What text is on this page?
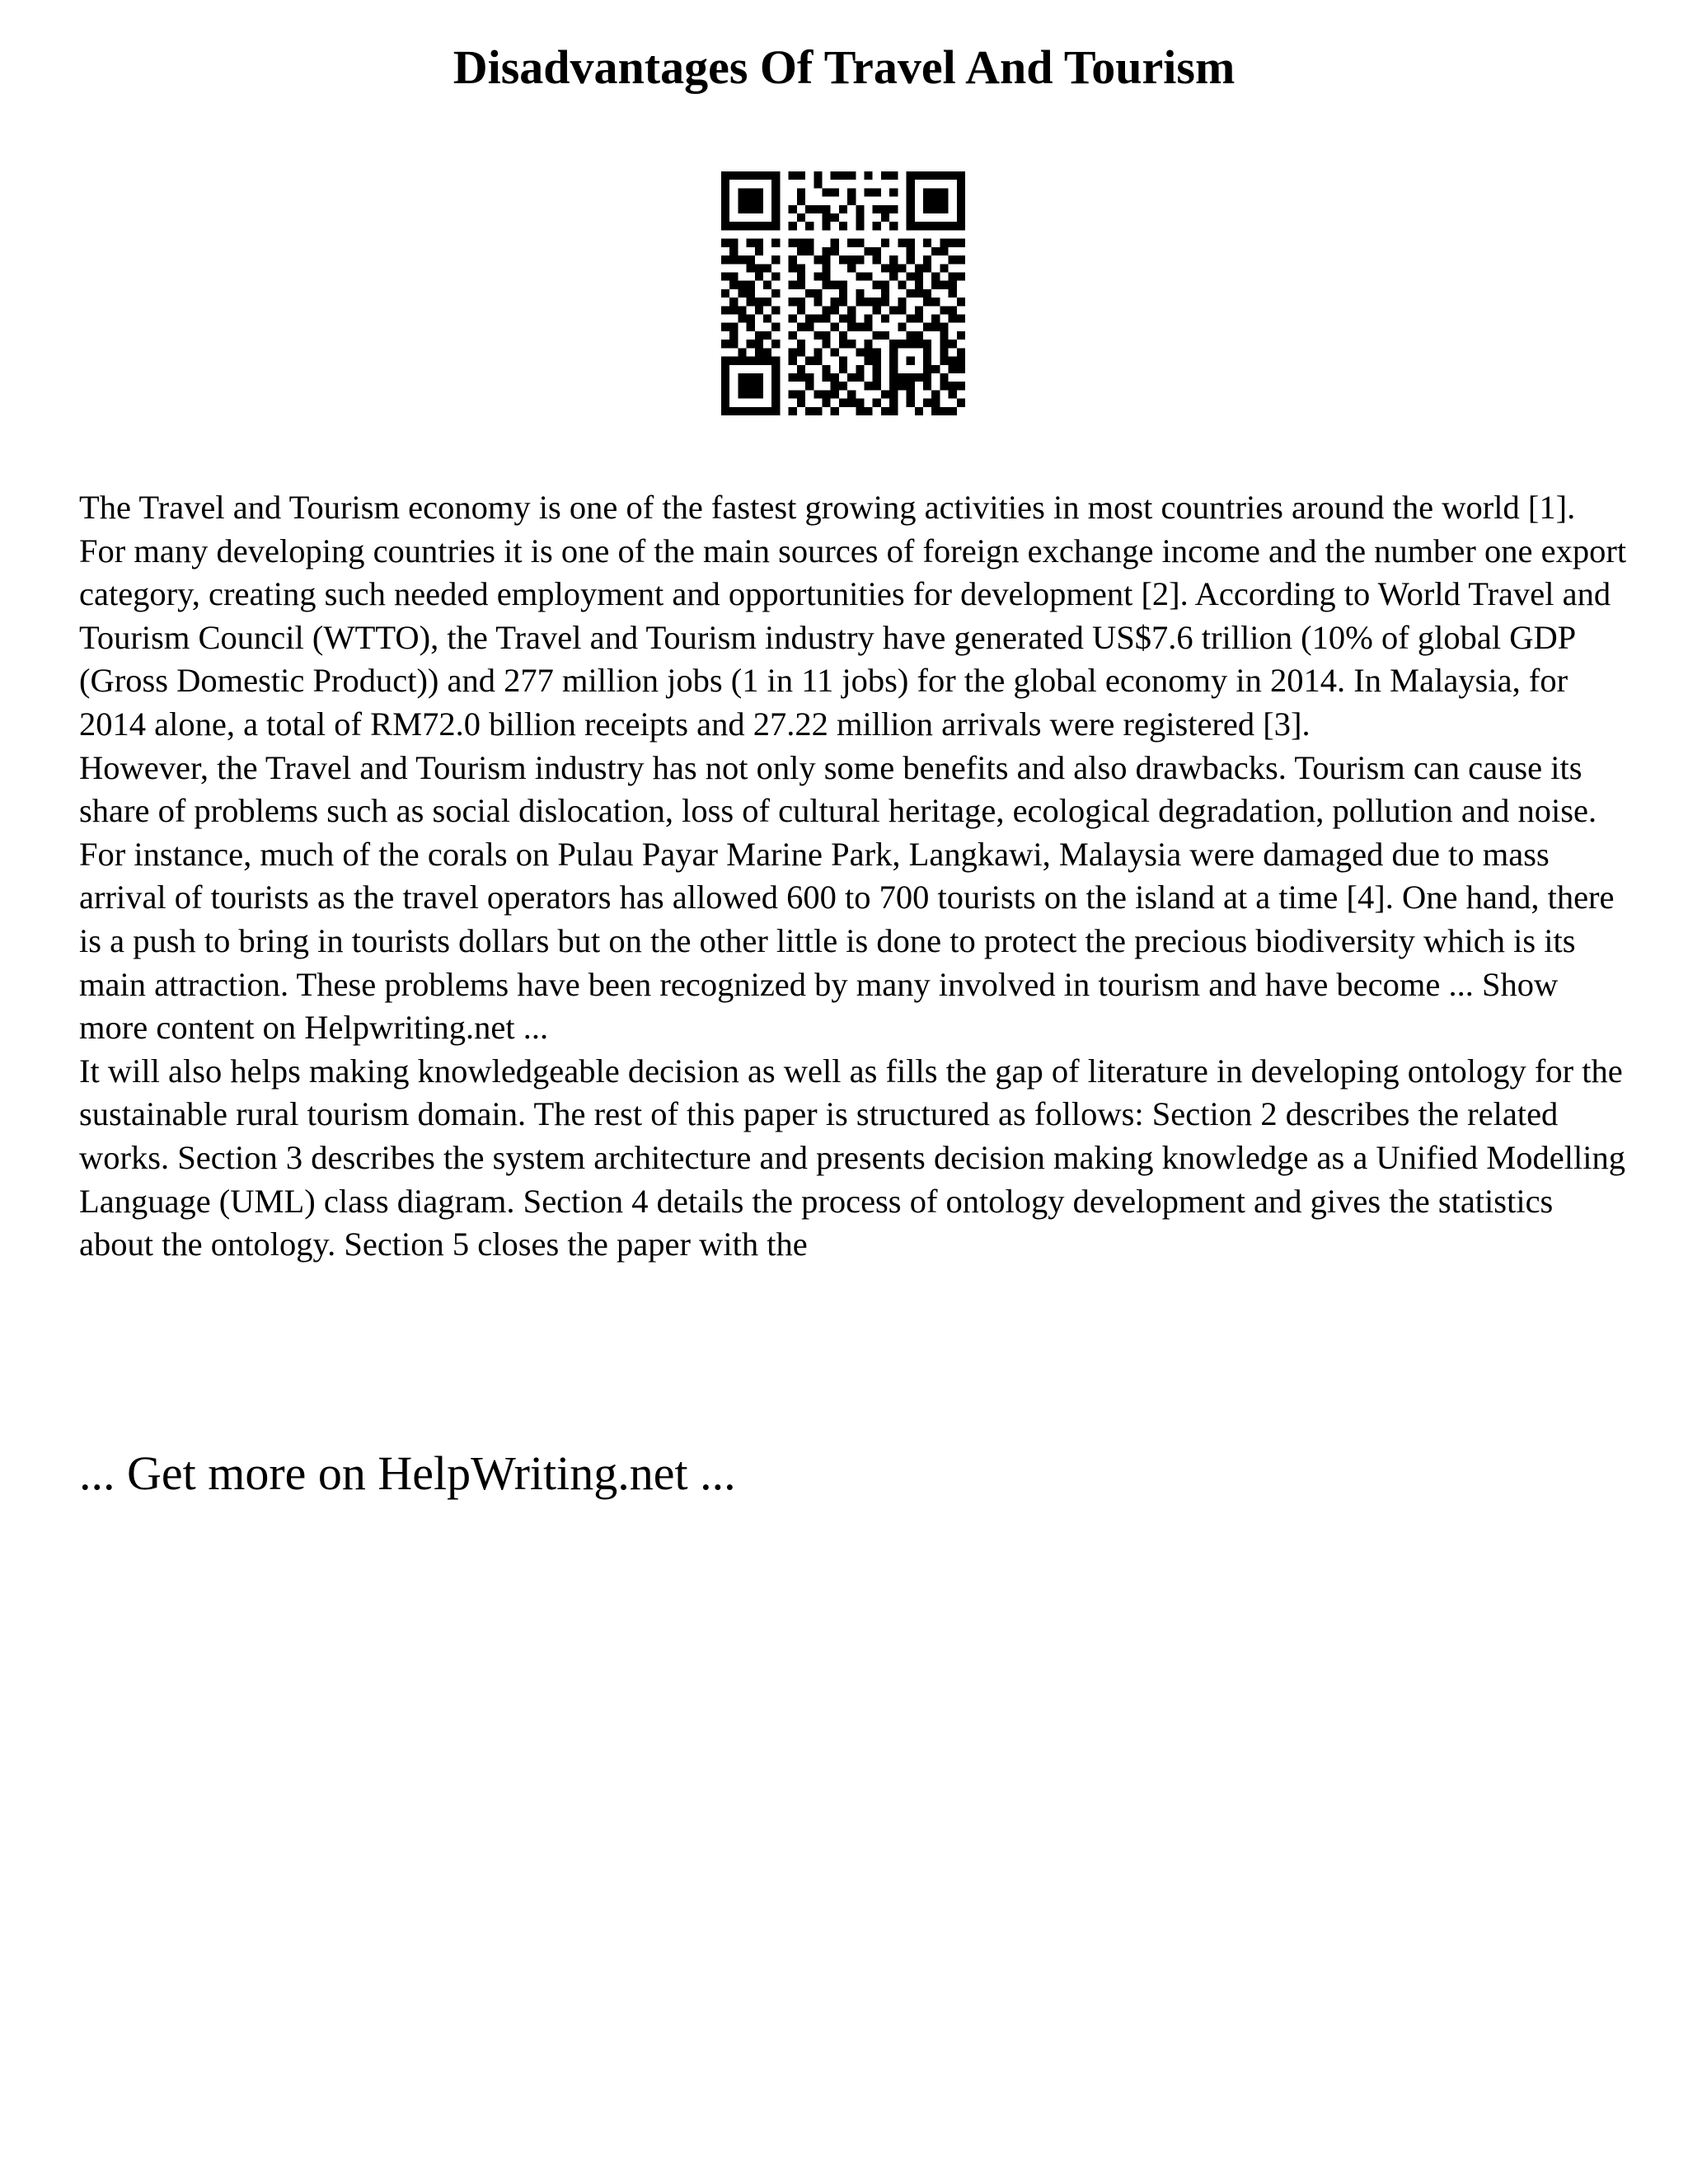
Disadvantages Of Travel And Tourism

The Travel and Tourism economy is one of the fastest growing activities in most countries around the world [1]. For many developing countries it is one of the main sources of foreign exchange income and the number one export category, creating such needed employment and opportunities for development [2]. According to World Travel and Tourism Council (WTTO), the Travel and Tourism industry have generated US$7.6 trillion (10% of global GDP (Gross Domestic Product)) and 277 million jobs (1 in 11 jobs) for the global economy in 2014. In Malaysia, for 2014 alone, a total of RM72.0 billion receipts and 27.22 million arrivals were registered [3].

However, the Travel and Tourism industry has not only some benefits and also drawbacks. Tourism can cause its share of problems such as social dislocation, loss of cultural heritage, ecological degradation, pollution and noise. For instance, much of the corals on Pulau Payar Marine Park, Langkawi, Malaysia were damaged due to mass arrival of tourists as the travel operators has allowed 600 to 700 tourists on the island at a time [4]. One hand, there is a push to bring in tourists dollars but on the other little is done to protect the precious biodiversity which is its main attraction. These problems have been recognized by many involved in tourism and have become ... Show more content on Helpwriting.net ...

It will also helps making knowledgeable decision as well as fills the gap of literature in developing ontology for the sustainable rural tourism domain. The rest of this paper is structured as follows: Section 2 describes the related works. Section 3 describes the system architecture and presents decision making knowledge as a Unified Modelling Language (UML) class diagram. Section 4 details the process of ontology development and gives the statistics about the ontology. Section 5 closes the paper with the

... Get more on HelpWriting.net ...
